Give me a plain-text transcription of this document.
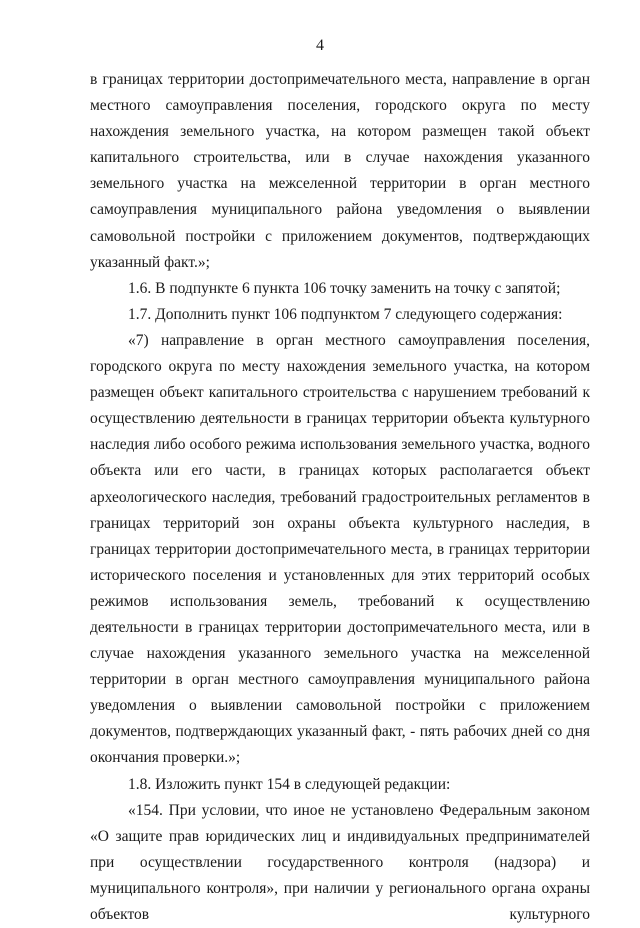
4

в границах территории достопримечательного места, направление в орган местного самоуправления поселения, городского округа по месту нахождения земельного участка, на котором размещен такой объект капитального строительства, или в случае нахождения указанного земельного участка на межселенной территории в орган местного самоуправления муниципального района уведомления о выявлении самовольной постройки с приложением документов, подтверждающих указанный факт.»;

1.6. В подпункте 6 пункта 106 точку заменить на точку с запятой;

1.7. Дополнить пункт 106 подпунктом 7 следующего содержания:

«7) направление в орган местного самоуправления поселения, городского округа по месту нахождения земельного участка, на котором размещен объект капитального строительства с нарушением требований к осуществлению деятельности в границах территории объекта культурного наследия либо особого режима использования земельного участка, водного объекта или его части, в границах которых располагается объект археологического наследия, требований градостроительных регламентов в границах территорий зон охраны объекта культурного наследия, в границах территории достопримечательного места, в границах территории исторического поселения и установленных для этих территорий особых режимов использования земель, требований к осуществлению деятельности в границах территории достопримечательного места, или в случае нахождения указанного земельного участка на межселенной территории в орган местного самоуправления муниципального района уведомления о выявлении самовольной постройки с приложением документов, подтверждающих указанный факт, - пять рабочих дней со дня окончания проверки.»;

1.8. Изложить пункт 154 в следующей редакции:

«154. При условии, что иное не установлено Федеральным законом «О защите прав юридических лиц и индивидуальных предпринимателей при осуществлении государственного контроля (надзора) и муниципального контроля», при наличии у регионального органа охраны объектов культурного
